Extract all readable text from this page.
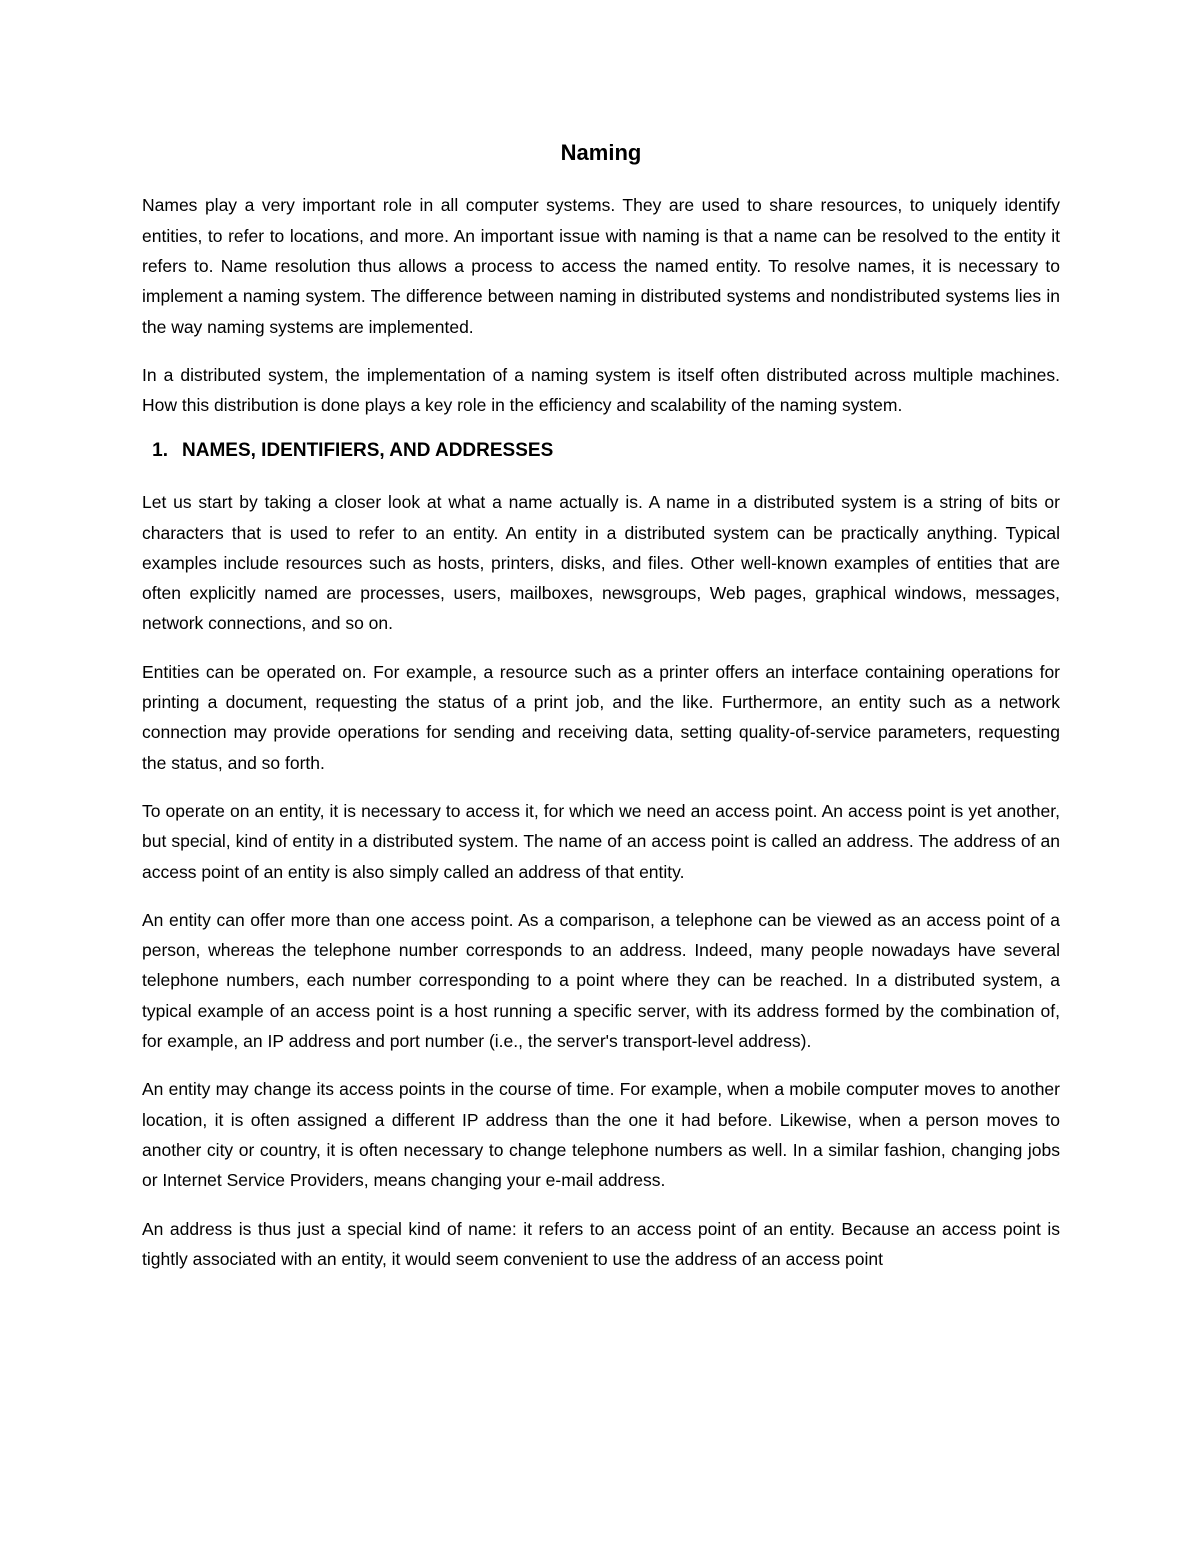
Naming

Names play a very important role in all computer systems. They are used to share resources, to uniquely identify entities, to refer to locations, and more. An important issue with naming is that a name can be resolved to the entity it refers to. Name resolution thus allows a process to access the named entity. To resolve names, it is necessary to implement a naming system. The difference between naming in distributed systems and nondistributed systems lies in the way naming systems are implemented.

In a distributed system, the implementation of a naming system is itself often distributed across multiple machines. How this distribution is done plays a key role in the efficiency and scalability of the naming system.

1. NAMES, IDENTIFIERS, AND ADDRESSES

Let us start by taking a closer look at what a name actually is. A name in a distributed system is a string of bits or characters that is used to refer to an entity. An entity in a distributed system can be practically anything. Typical examples include resources such as hosts, printers, disks, and files. Other well-known examples of entities that are often explicitly named are processes, users, mailboxes, newsgroups, Web pages, graphical windows, messages, network connections, and so on.

Entities can be operated on. For example, a resource such as a printer offers an interface containing operations for printing a document, requesting the status of a print job, and the like. Furthermore, an entity such as a network connection may provide operations for sending and receiving data, setting quality-of-service parameters, requesting the status, and so forth.

To operate on an entity, it is necessary to access it, for which we need an access point. An access point is yet another, but special, kind of entity in a distributed system. The name of an access point is called an address. The address of an access point of an entity is also simply called an address of that entity.

An entity can offer more than one access point. As a comparison, a telephone can be viewed as an access point of a person, whereas the telephone number corresponds to an address. Indeed, many people nowadays have several telephone numbers, each number corresponding to a point where they can be reached. In a distributed system, a typical example of an access point is a host running a specific server, with its address formed by the combination of, for example, an IP address and port number (i.e., the server's transport-level address).

An entity may change its access points in the course of time. For example, when a mobile computer moves to another location, it is often assigned a different IP address than the one it had before. Likewise, when a person moves to another city or country, it is often necessary to change telephone numbers as well. In a similar fashion, changing jobs or Internet Service Providers, means changing your e-mail address.

An address is thus just a special kind of name: it refers to an access point of an entity. Because an access point is tightly associated with an entity, it would seem convenient to use the address of an access point
